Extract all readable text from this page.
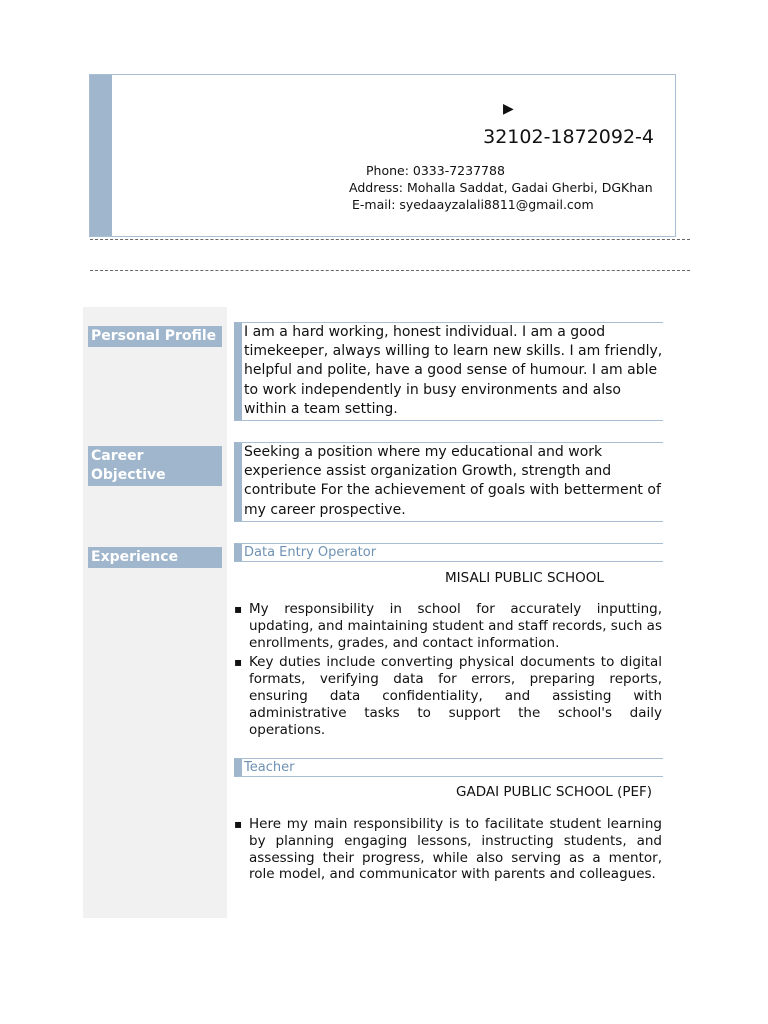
▶
32102-1872092-4
Phone: 0333-7237788
Address: Mohalla Saddat, Gadai Gherbi, DGKhan
E-mail: syedaayzalali8811@gmail.com
Personal Profile	I am a hard working, honest individual. I am a good timekeeper, always willing to learn new skills. I am friendly, helpful and polite, have a good sense of humour. I am able to work independently in busy environments and also within a team setting.
Career
Objective
Seeking a position where my educational and work experience assist organization Growth, strength and contribute For the achievement of goals with betterment of my career prospective.
Experience	Data Entry Operator
MISALI PUBLIC SCHOOL
▪ My responsibility in school for accurately inputting, updating, and maintaining student and staff records, such as enrollments, grades, and contact information.
▪ Key duties include converting physical documents to digital formats, verifying data for errors, preparing reports, ensuring data confidentiality, and assisting with administrative tasks to support the school's daily operations.
Teacher
GADAI PUBLIC SCHOOL (PEF)
▪ Here my main responsibility is to facilitate student learning by planning engaging lessons, instructing students, and assessing their progress, while also serving as a mentor, role model, and communicator with parents and colleagues.
